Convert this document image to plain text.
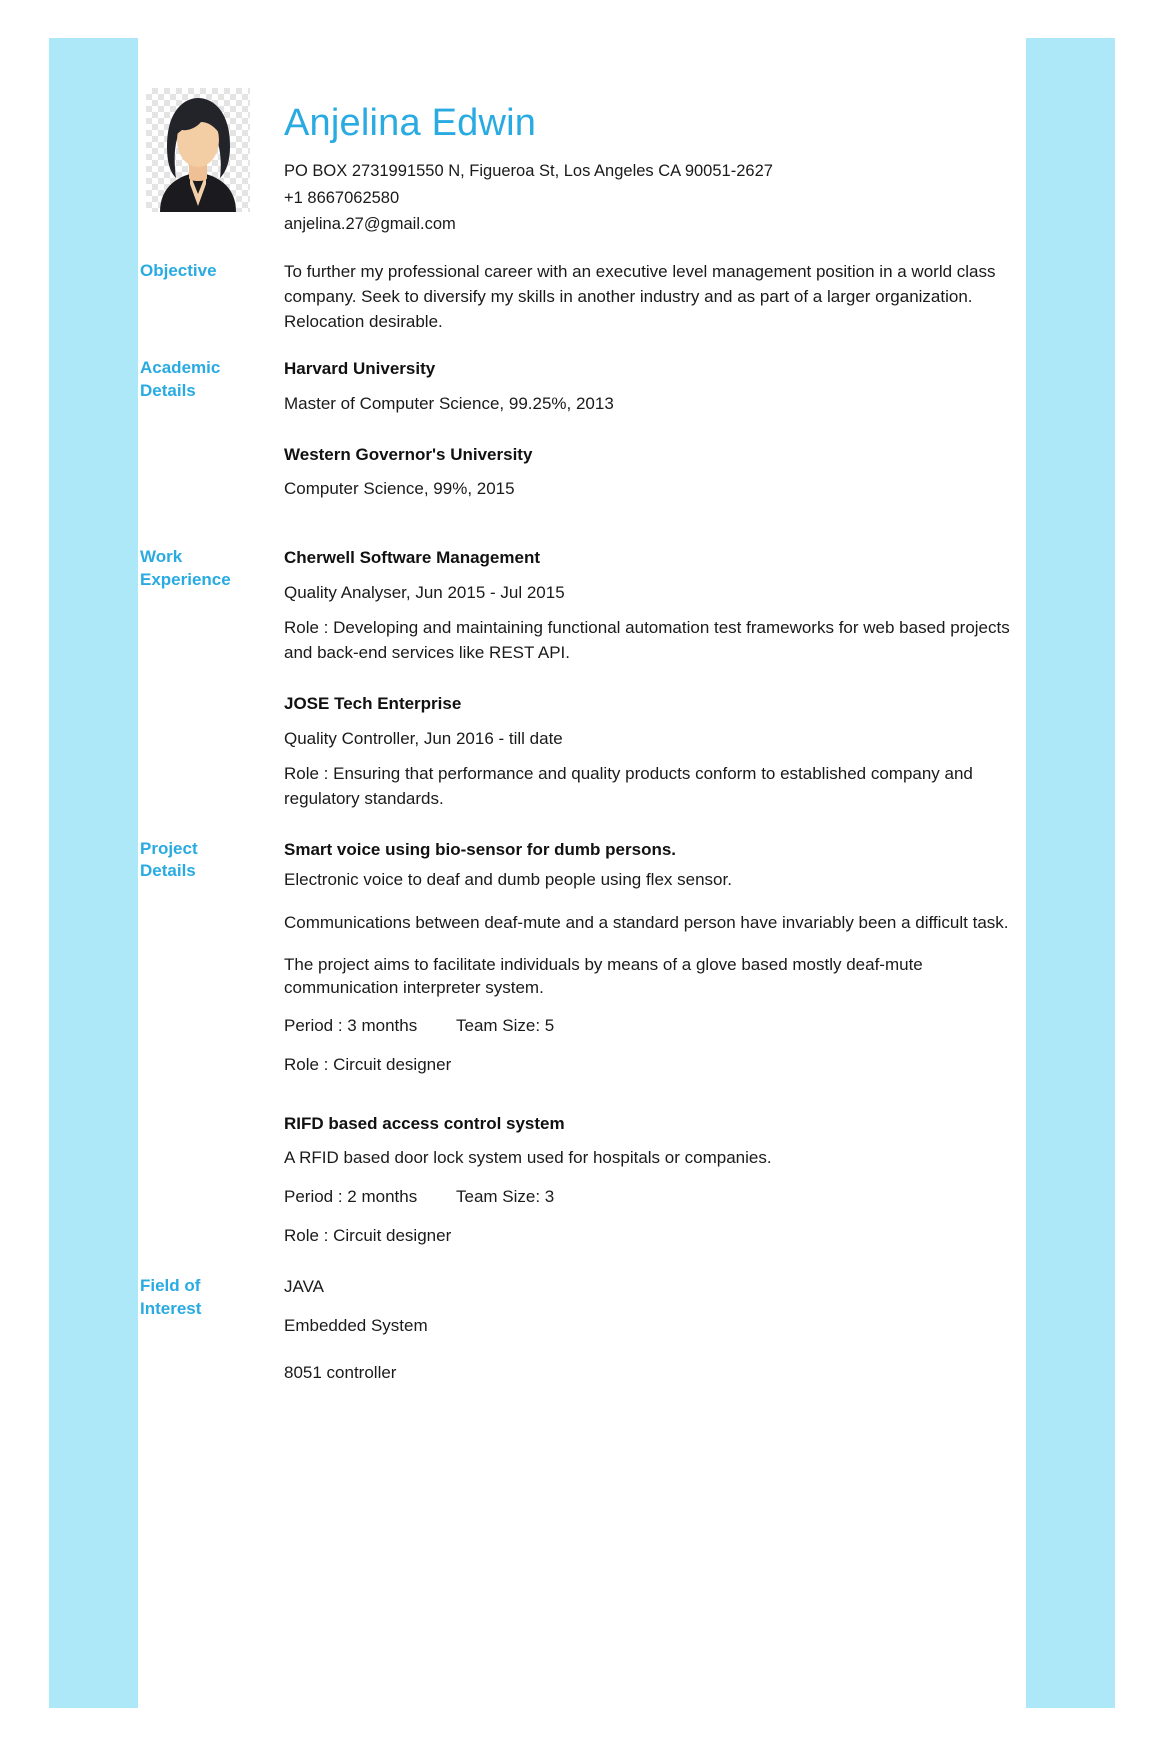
Anjelina Edwin
PO BOX 2731991550 N, Figueroa St, Los Angeles CA 90051-2627
+1 8667062580
anjelina.27@gmail.com
Objective	To further my professional career with an executive level management position in a world class company. Seek to diversify my skills in another industry and as part of a larger organization. Relocation desirable.

Academic
Details

Harvard University

Master of Computer Science, 99.25%, 2013

Western Governor's University

Computer Science, 99%, 2015

Work
Experience

Cherwell Software Management

Quality Analyser, Jun 2015 - Jul 2015

Role : Developing and maintaining functional automation test frameworks for web based projects and back-end services like REST API.

JOSE Tech Enterprise

Quality Controller, Jun 2016 - till date

Role : Ensuring that performance and quality products conform to established company and regulatory standards.

Project
Details

Smart voice using bio-sensor for dumb persons.

Electronic voice to deaf and dumb people using flex sensor.

Communications between deaf-mute and a standard person have invariably been a difficult task.

The project aims to facilitate individuals by means of a glove based mostly deaf-mute communication interpreter system.

Period : 3 months	Team Size: 5

Role : Circuit designer

RIFD based access control system

A RFID based door lock system used for hospitals or companies.

Period : 2 months	Team Size: 3

Role : Circuit designer

Field of
Interest

JAVA

Embedded System

8051 controller
